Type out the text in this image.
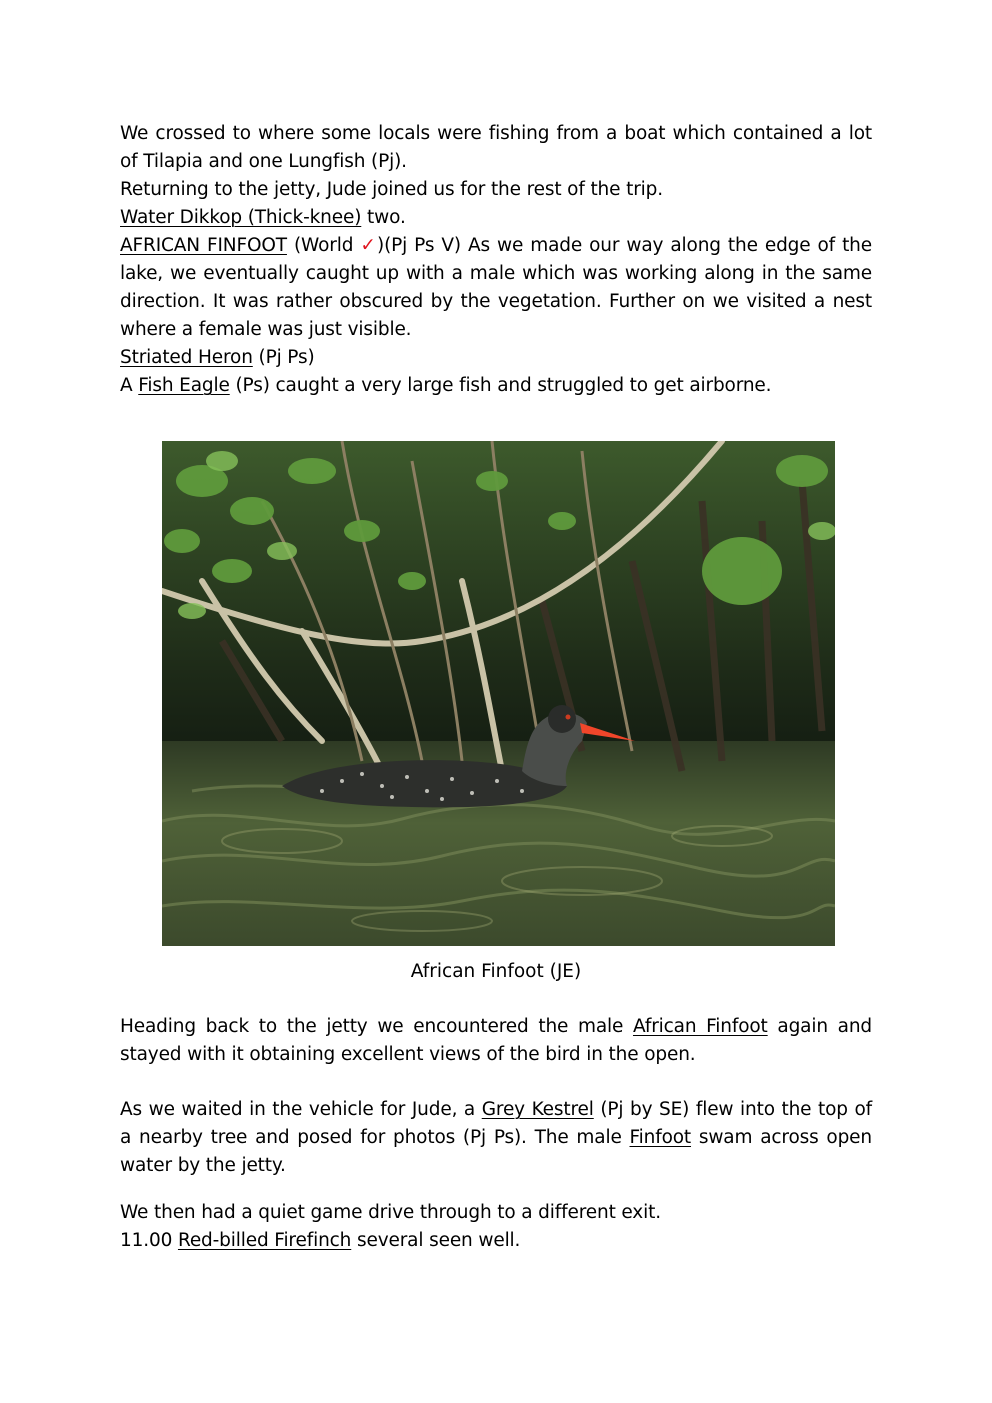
We crossed to where some locals were fishing from a boat which contained a lot of Tilapia and one Lungfish (Pj).

Returning to the jetty, Jude joined us for the rest of the trip.

Water Dikkop (Thick-knee) two.

AFRICAN FINFOOT (World ✓)(Pj Ps V) As we made our way along the edge of the lake, we eventually caught up with a male which was working along in the same direction. It was rather obscured by the vegetation. Further on we visited a nest where a female was just visible.

Striated Heron (Pj Ps)

A Fish Eagle (Ps) caught a very large fish and struggled to get airborne.

African Finfoot (JE)

Heading back to the jetty we encountered the male African Finfoot again and stayed with it obtaining excellent views of the bird in the open.

As we waited in the vehicle for Jude, a Grey Kestrel (Pj by SE) flew into the top of a nearby tree and posed for photos (Pj Ps). The male Finfoot swam across open water by the jetty.

We then had a quiet game drive through to a different exit.

11.00 Red-billed Firefinch several seen well.
